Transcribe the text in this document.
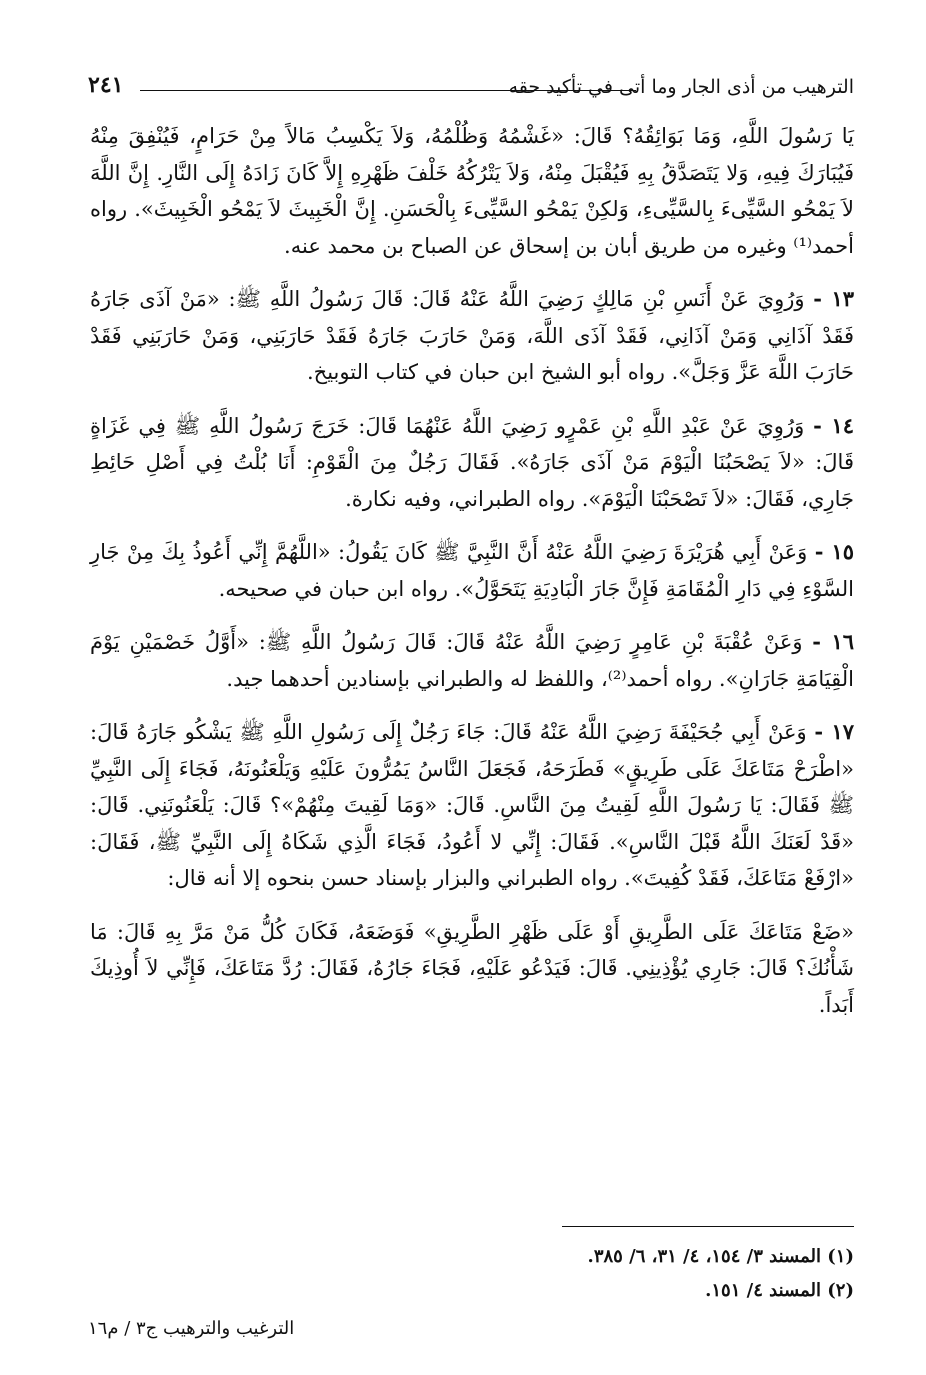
الترهيب من أذى الجار وما أتى في تأكيد حقه
٢٤١

يَا رَسُولَ اللَّهِ، وَمَا بَوَائِقُهُ؟ قَالَ: «غَشْمُهُ وَظُلْمُهُ، وَلاَ يَكْسِبُ مَالاً مِنْ حَرَامٍ، فَيُنْفِقَ مِنْهُ فَيُبَارَكَ فِيهِ، وَلا يَتَصَدَّقُ بِهِ فَيُقْبَلَ مِنْهُ، وَلاَ يَتْرُكُهُ خَلْفَ ظَهْرِهِ إِلاَّ كَانَ زَادَهُ إِلَى النَّارِ. إِنَّ اللَّهَ لاَ يَمْحُو السَّيِّىءَ بِالسَّيِّىءِ، وَلكِنْ يَمْحُو السَّيِّىءَ بِالْحَسَنِ. إِنَّ الْخَبِيثَ لاَ يَمْحُو الْخَبِيثَ». رواه أحمد⁽¹⁾ وغيره من طريق أبان بن إسحاق عن الصباح بن محمد عنه.

١٣ - وَرُوِيَ عَنْ أَنَسِ بْنِ مَالِكٍ رَضِيَ اللَّهُ عَنْهُ قَالَ: قَالَ رَسُولُ اللَّهِ ﷺ: «مَنْ آذَى جَارَهُ فَقَدْ آذَانِي وَمَنْ آذَانِي، فَقَدْ آذَى اللَّهَ، وَمَنْ حَارَبَ جَارَهُ فَقَدْ حَارَبَنِي، وَمَنْ حَارَبَنِي فَقَدْ حَارَبَ اللَّهَ عَزَّ وَجَلَّ». رواه أبو الشيخ ابن حبان في كتاب التوبيخ.

١٤ - وَرُوِيَ عَنْ عَبْدِ اللَّهِ بْنِ عَمْرٍو رَضِيَ اللَّهُ عَنْهُمَا قَالَ: خَرَجَ رَسُولُ اللَّهِ ﷺ فِي غَزَاةٍ قَالَ: «لاَ يَصْحَبُنَا الْيَوْمَ مَنْ آذَى جَارَهُ». فَقَالَ رَجُلٌ مِنَ الْقَوْمِ: أَنَا بُلْتُ فِي أَصْلِ حَائِطِ جَارِي، فَقَالَ: «لاَ تَصْحَبْنَا الْيَوْمَ». رواه الطبراني، وفيه نكارة.

١٥ - وَعَنْ أَبِي هُرَيْرَةَ رَضِيَ اللَّهُ عَنْهُ أَنَّ النَّبِيَّ ﷺ كَانَ يَقُولُ: «اللَّهُمَّ إِنِّي أَعُوذُ بِكَ مِنْ جَارِ السَّوْءِ فِي دَارِ الْمُقَامَةِ فَإِنَّ جَارَ الْبَادِيَةِ يَتَحَوَّلُ». رواه ابن حبان في صحيحه.

١٦ - وَعَنْ عُقْبَةَ بْنِ عَامِرٍ رَضِيَ اللَّهُ عَنْهُ قَالَ: قَالَ رَسُولُ اللَّهِ ﷺ: «أَوَّلُ خَصْمَيْنِ يَوْمَ الْقِيَامَةِ جَارَانِ». رواه أحمد⁽²⁾، واللفظ له والطبراني بإسنادين أحدهما جيد.

١٧ - وَعَنْ أَبِي جُحَيْفَةَ رَضِيَ اللَّهُ عَنْهُ قَالَ: جَاءَ رَجُلٌ إِلَى رَسُولِ اللَّهِ ﷺ يَشْكُو جَارَهُ قَالَ: «اطْرَحْ مَتَاعَكَ عَلَى طَرِيقٍ» فَطَرَحَهُ، فَجَعَلَ النَّاسُ يَمُرُّونَ عَلَيْهِ وَيَلْعَنُونَهُ، فَجَاءَ إِلَى النَّبِيِّ ﷺ فَقَالَ: يَا رَسُولَ اللَّهِ لَقِيتُ مِنَ النَّاسِ. قَالَ: «وَمَا لَقِيتَ مِنْهُمْ»؟ قَالَ: يَلْعَنُونَنِي. قَالَ: «قَدْ لَعَنَكَ اللَّهُ قَبْلَ النَّاسِ». فَقَالَ: إِنِّي لا أَعُودُ، فَجَاءَ الَّذِي شَكَاهُ إِلَى النَّبِيِّ ﷺ، فَقَالَ: «ارْفَعْ مَتَاعَكَ، فَقَدْ كُفِيتَ». رواه الطبراني والبزار بإسناد حسن بنحوه إلا أنه قال:

«ضَعْ مَتَاعَكَ عَلَى الطَّرِيقِ أَوْ عَلَى ظَهْرِ الطَّرِيقِ» فَوَضَعَهُ، فَكَانَ كُلُّ مَنْ مَرَّ بِهِ قَالَ: مَا شَأْنُكَ؟ قَالَ: جَارِي يُؤْذِينِي. قَالَ: فَيَدْعُو عَلَيْهِ، فَجَاءَ جَارُهُ، فَقَالَ: رُدَّ مَتَاعَكَ، فَإِنِّي لاَ أُوذِيكَ أَبَداً.

(١) المسند ٣/ ١٥٤، ٤/ ٣١، ٦/ ٣٨٥.

(٢) المسند ٤/ ١٥١.

الترغيب والترهيب ج٣ / م١٦
